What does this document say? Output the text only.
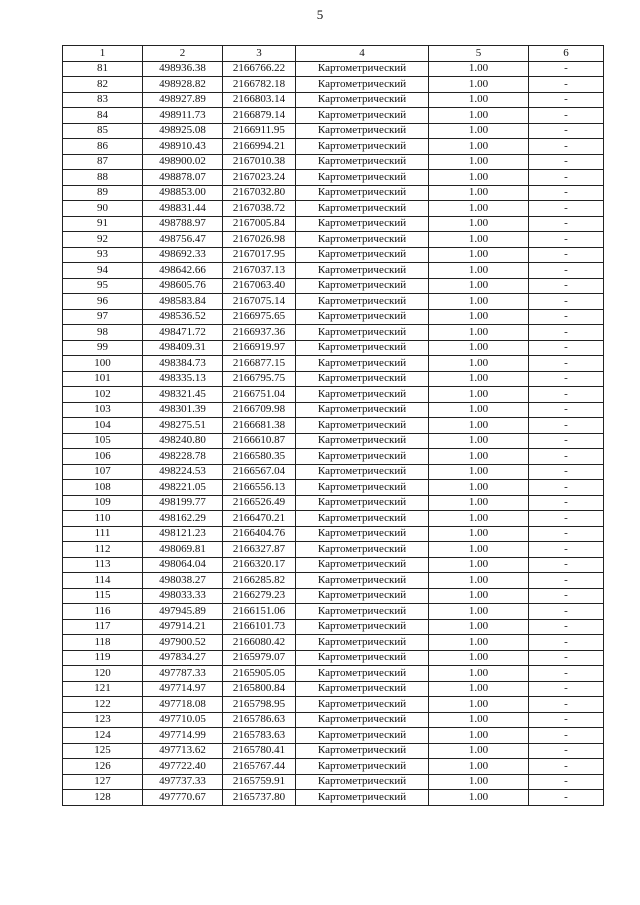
5
1	2	3	4	5	6
81	498936.38	2166766.22	Картометрический	1.00	-
82	498928.82	2166782.18	Картометрический	1.00	-
83	498927.89	2166803.14	Картометрический	1.00	-
84	498911.73	2166879.14	Картометрический	1.00	-
85	498925.08	2166911.95	Картометрический	1.00	-
86	498910.43	2166994.21	Картометрический	1.00	-
87	498900.02	2167010.38	Картометрический	1.00	-
88	498878.07	2167023.24	Картометрический	1.00	-
89	498853.00	2167032.80	Картометрический	1.00	-
90	498831.44	2167038.72	Картометрический	1.00	-
91	498788.97	2167005.84	Картометрический	1.00	-
92	498756.47	2167026.98	Картометрический	1.00	-
93	498692.33	2167017.95	Картометрический	1.00	-
94	498642.66	2167037.13	Картометрический	1.00	-
95	498605.76	2167063.40	Картометрический	1.00	-
96	498583.84	2167075.14	Картометрический	1.00	-
97	498536.52	2166975.65	Картометрический	1.00	-
98	498471.72	2166937.36	Картометрический	1.00	-
99	498409.31	2166919.97	Картометрический	1.00	-
100	498384.73	2166877.15	Картометрический	1.00	-
101	498335.13	2166795.75	Картометрический	1.00	-
102	498321.45	2166751.04	Картометрический	1.00	-
103	498301.39	2166709.98	Картометрический	1.00	-
104	498275.51	2166681.38	Картометрический	1.00	-
105	498240.80	2166610.87	Картометрический	1.00	-
106	498228.78	2166580.35	Картометрический	1.00	-
107	498224.53	2166567.04	Картометрический	1.00	-
108	498221.05	2166556.13	Картометрический	1.00	-
109	498199.77	2166526.49	Картометрический	1.00	-
110	498162.29	2166470.21	Картометрический	1.00	-
111	498121.23	2166404.76	Картометрический	1.00	-
112	498069.81	2166327.87	Картометрический	1.00	-
113	498064.04	2166320.17	Картометрический	1.00	-
114	498038.27	2166285.82	Картометрический	1.00	-
115	498033.33	2166279.23	Картометрический	1.00	-
116	497945.89	2166151.06	Картометрический	1.00	-
117	497914.21	2166101.73	Картометрический	1.00	-
118	497900.52	2166080.42	Картометрический	1.00	-
119	497834.27	2165979.07	Картометрический	1.00	-
120	497787.33	2165905.05	Картометрический	1.00	-
121	497714.97	2165800.84	Картометрический	1.00	-
122	497718.08	2165798.95	Картометрический	1.00	-
123	497710.05	2165786.63	Картометрический	1.00	-
124	497714.99	2165783.63	Картометрический	1.00	-
125	497713.62	2165780.41	Картометрический	1.00	-
126	497722.40	2165767.44	Картометрический	1.00	-
127	497737.33	2165759.91	Картометрический	1.00	-
128	497770.67	2165737.80	Картометрический	1.00	-
